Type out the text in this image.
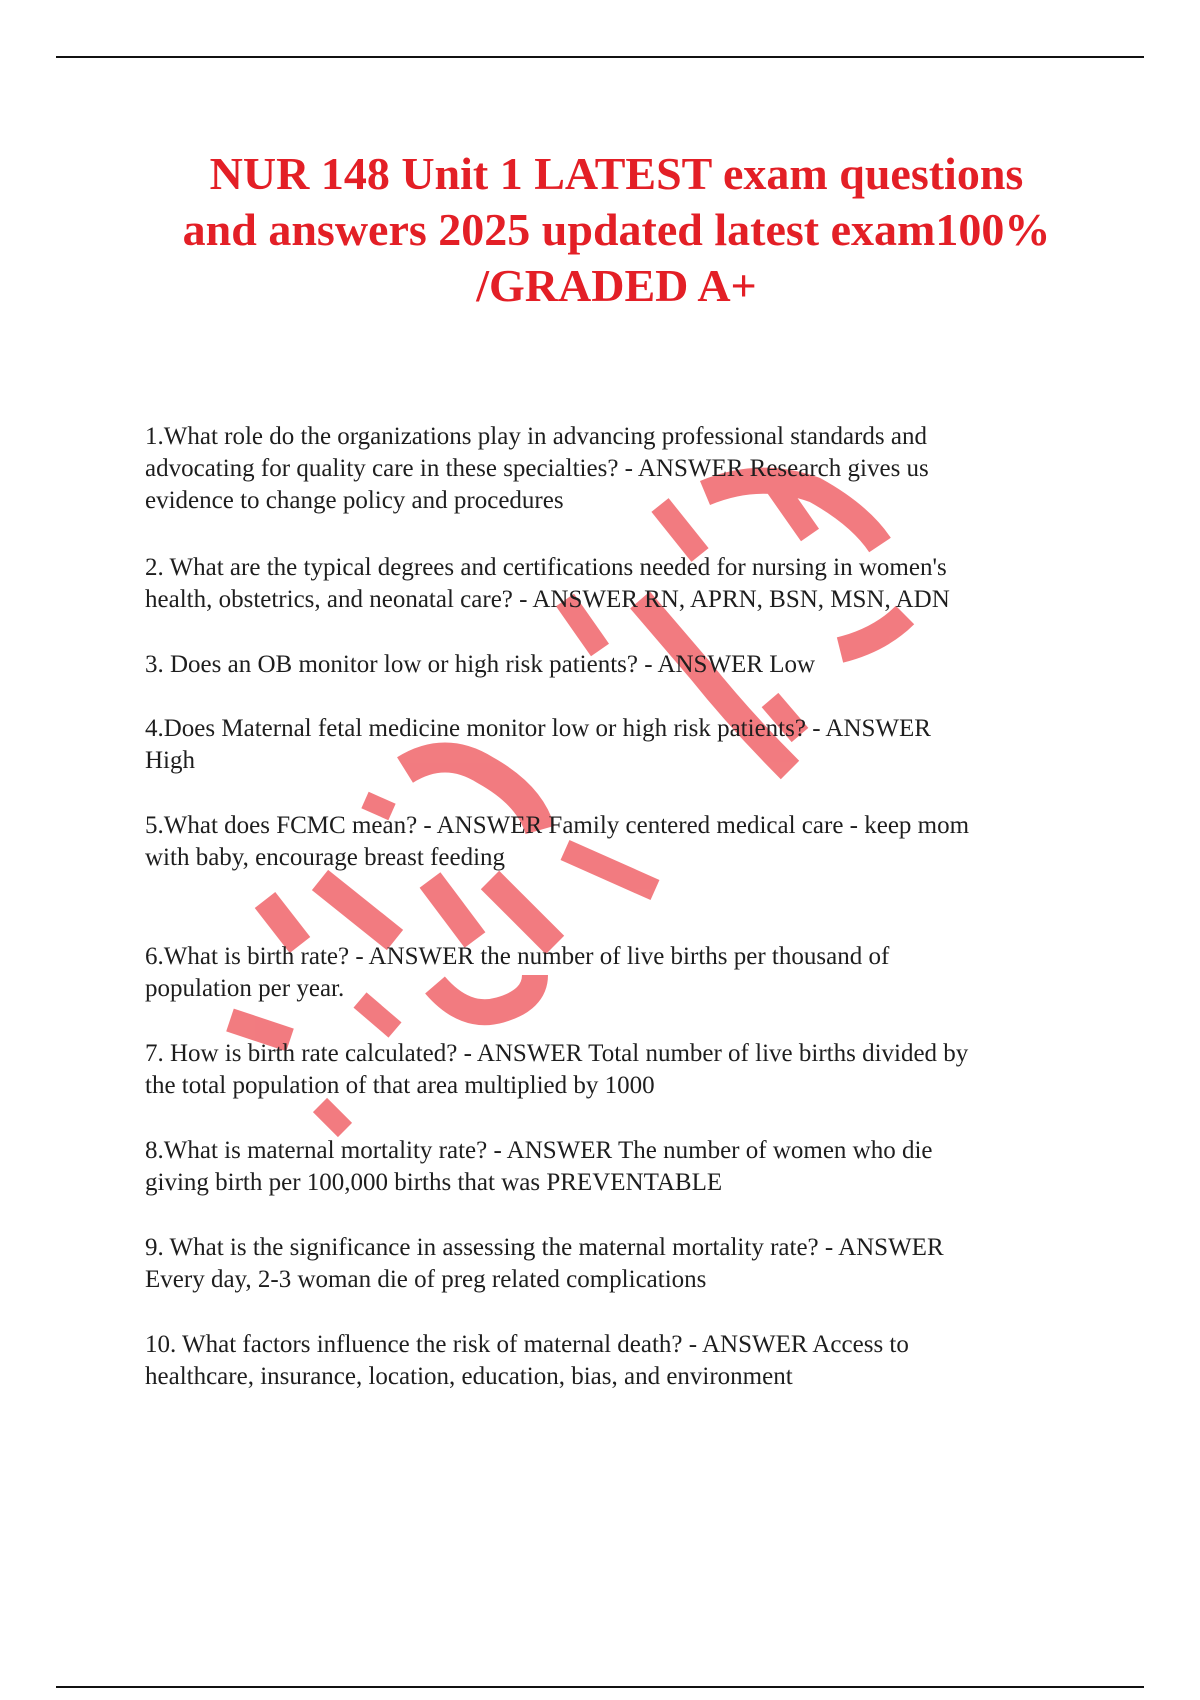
NUR 148 Unit 1 LATEST exam questions
and answers 2025 updated latest exam100%
/GRADED A+

1.What role do the organizations play in advancing professional standards and
advocating for quality care in these specialties? - ANSWER Research gives us
evidence to change policy and procedures

2. What are the typical degrees and certifications needed for nursing in women's
health, obstetrics, and neonatal care? - ANSWER RN, APRN, BSN, MSN, ADN

3. Does an OB monitor low or high risk patients? - ANSWER Low

4.Does Maternal fetal medicine monitor low or high risk patients? - ANSWER
High

5.What does FCMC mean? - ANSWER Family centered medical care - keep mom
with baby, encourage breast feeding

6.What is birth rate? - ANSWER the number of live births per thousand of
population per year.

7. How is birth rate calculated? - ANSWER Total number of live births divided by
the total population of that area multiplied by 1000

8.What is maternal mortality rate? - ANSWER The number of women who die
giving birth per 100,000 births that was PREVENTABLE

9. What is the significance in assessing the maternal mortality rate? - ANSWER
Every day, 2-3 woman die of preg related complications

10. What factors influence the risk of maternal death? - ANSWER Access to
healthcare, insurance, location, education, bias, and environment
